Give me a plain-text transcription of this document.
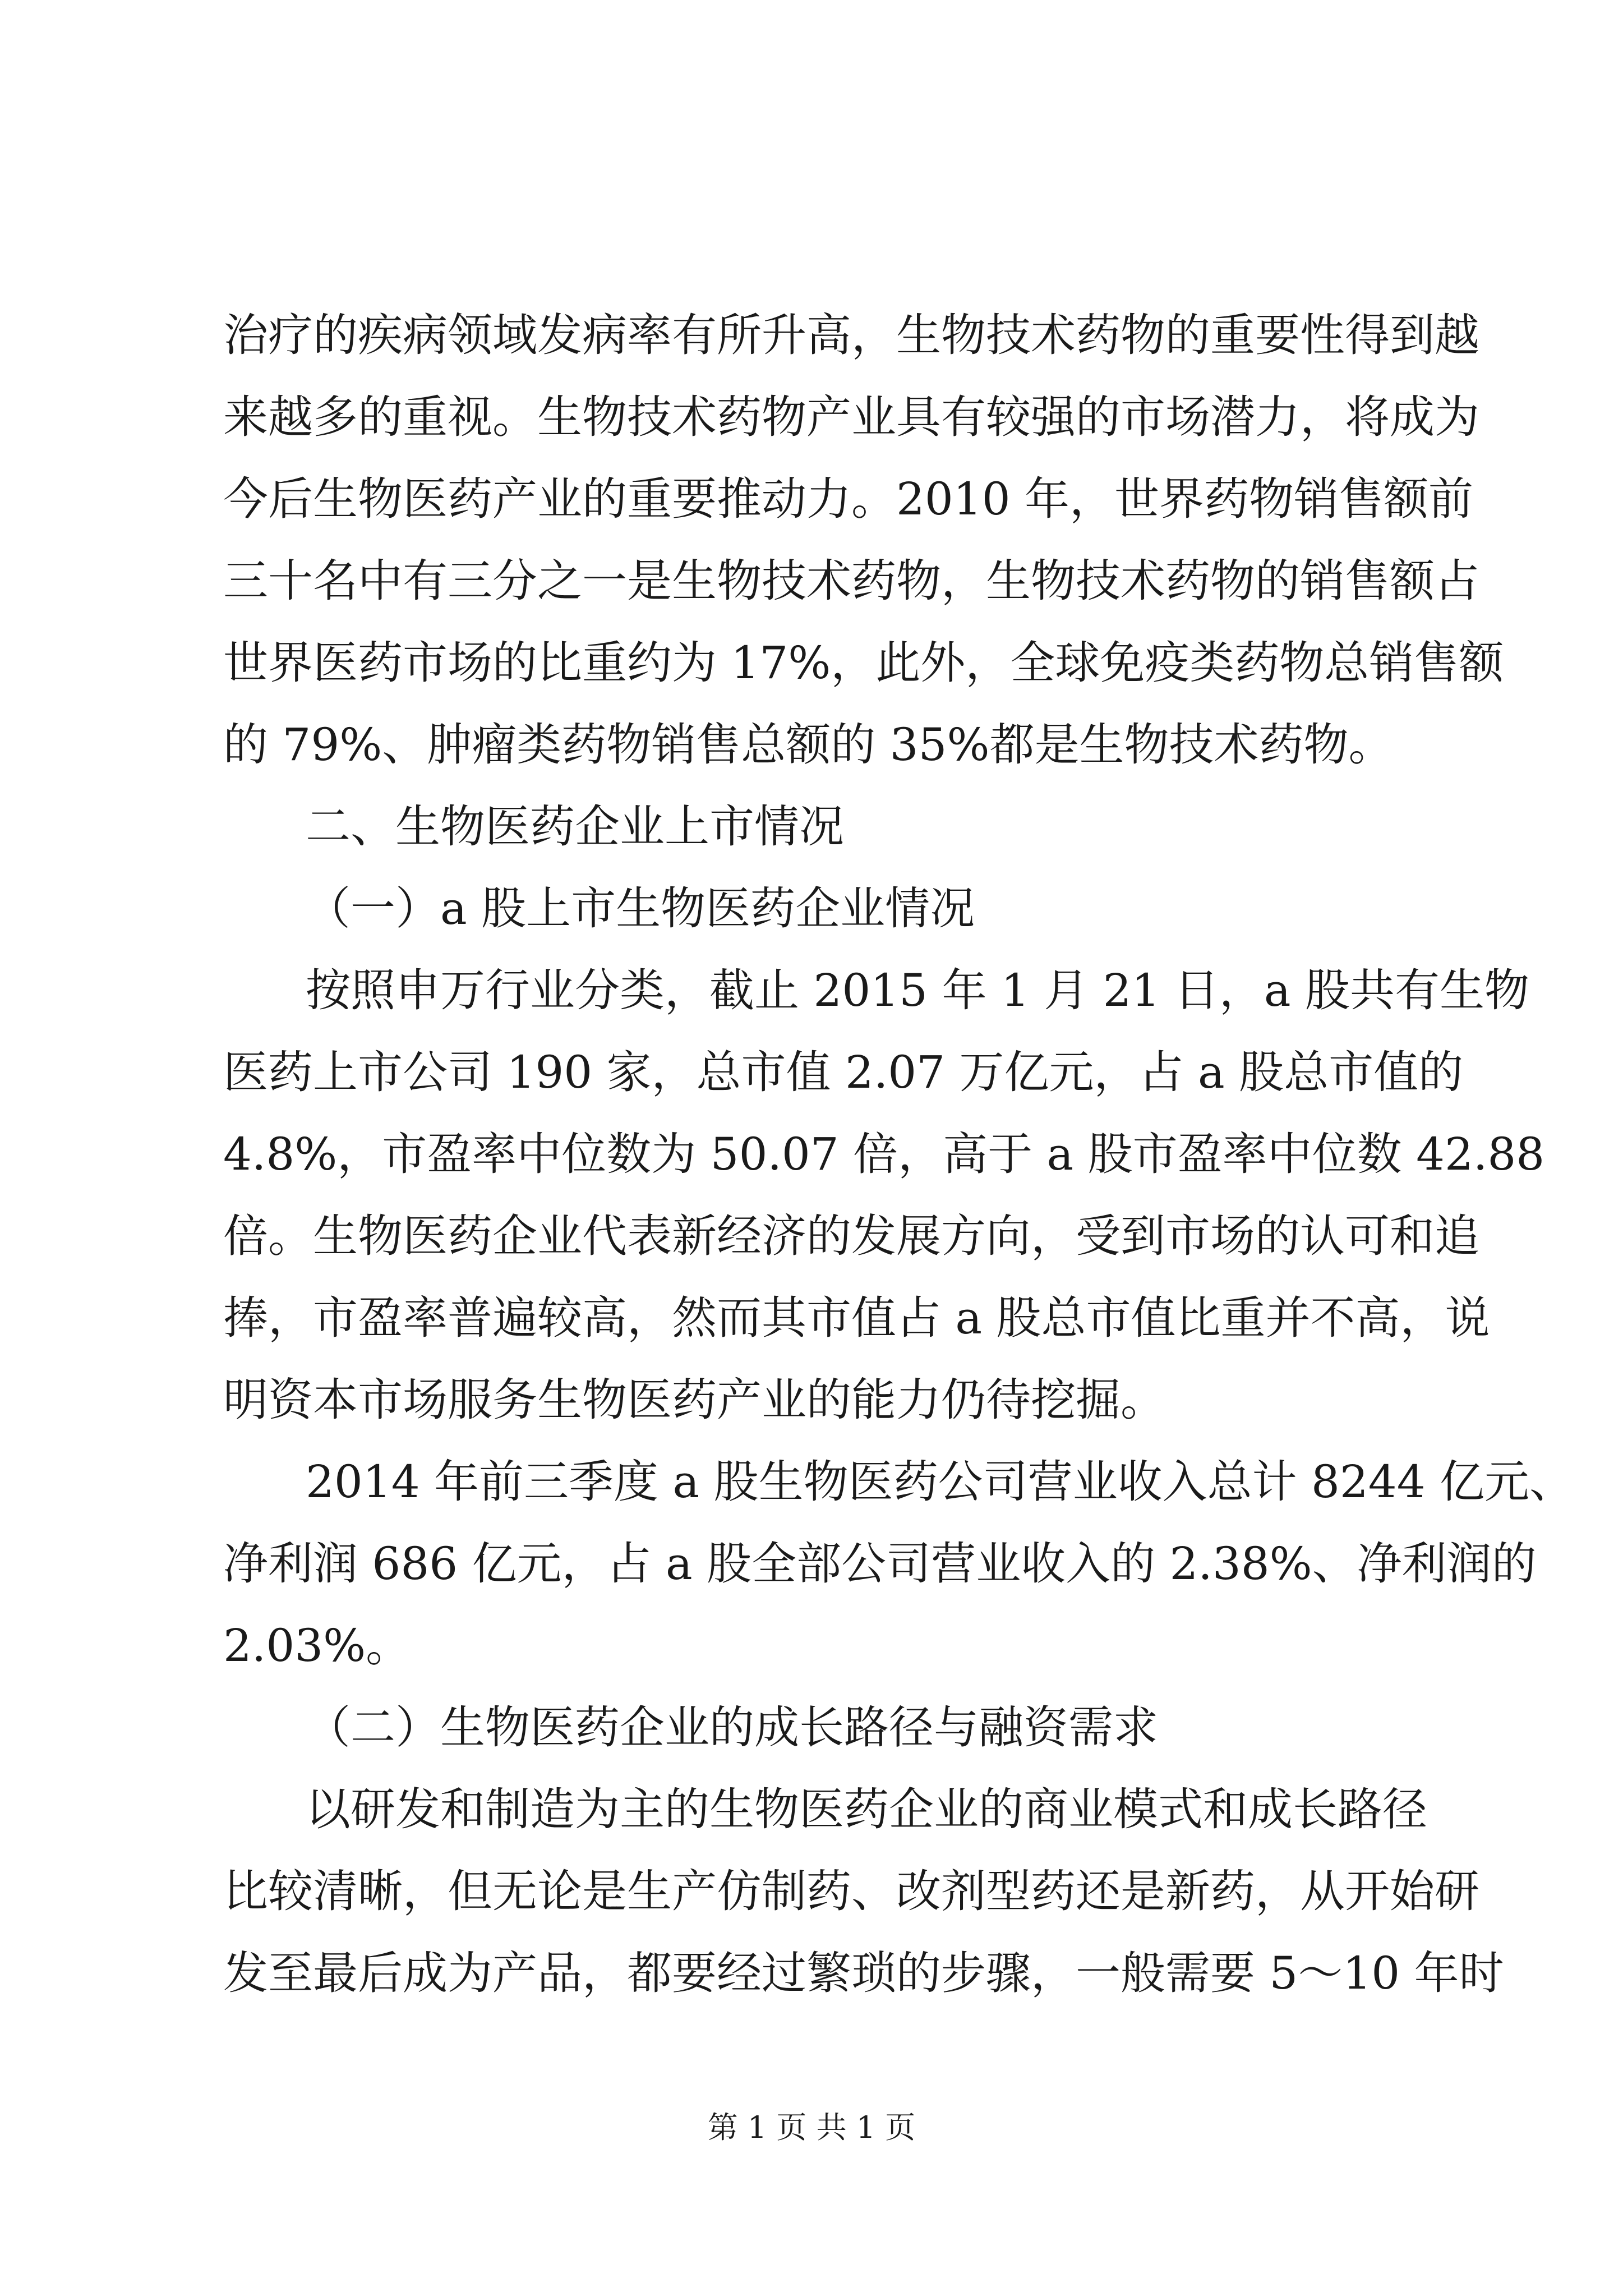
治疗的疾病领域发病率有所升高，生物技术药物的重要性得到越
来越多的重视。生物技术药物产业具有较强的市场潜力，将成为
今后生物医药产业的重要推动力。2010 年，世界药物销售额前
三十名中有三分之一是生物技术药物，生物技术药物的销售额占
世界医药市场的比重约为 17%，此外，全球免疫类药物总销售额
的 79%、肿瘤类药物销售总额的 35%都是生物技术药物。
二、生物医药企业上市情况
（一）a 股上市生物医药企业情况
按照申万行业分类，截止 2015 年 1 月 21 日，a 股共有生物
医药上市公司 190 家，总市值 2.07 万亿元，占 a 股总市值的
4.8%，市盈率中位数为 50.07 倍，高于 a 股市盈率中位数 42.88
倍。生物医药企业代表新经济的发展方向，受到市场的认可和追
捧，市盈率普遍较高，然而其市值占 a 股总市值比重并不高，说
明资本市场服务生物医药产业的能力仍待挖掘。
2014 年前三季度 a 股生物医药公司营业收入总计 8244 亿元、
净利润 686 亿元，占 a 股全部公司营业收入的 2.38%、净利润的
2.03%。
（二）生物医药企业的成长路径与融资需求
以研发和制造为主的生物医药企业的商业模式和成长路径
比较清晰，但无论是生产仿制药、改剂型药还是新药，从开始研
发至最后成为产品，都要经过繁琐的步骤，一般需要 5～10 年时
第 1 页 共 1 页
